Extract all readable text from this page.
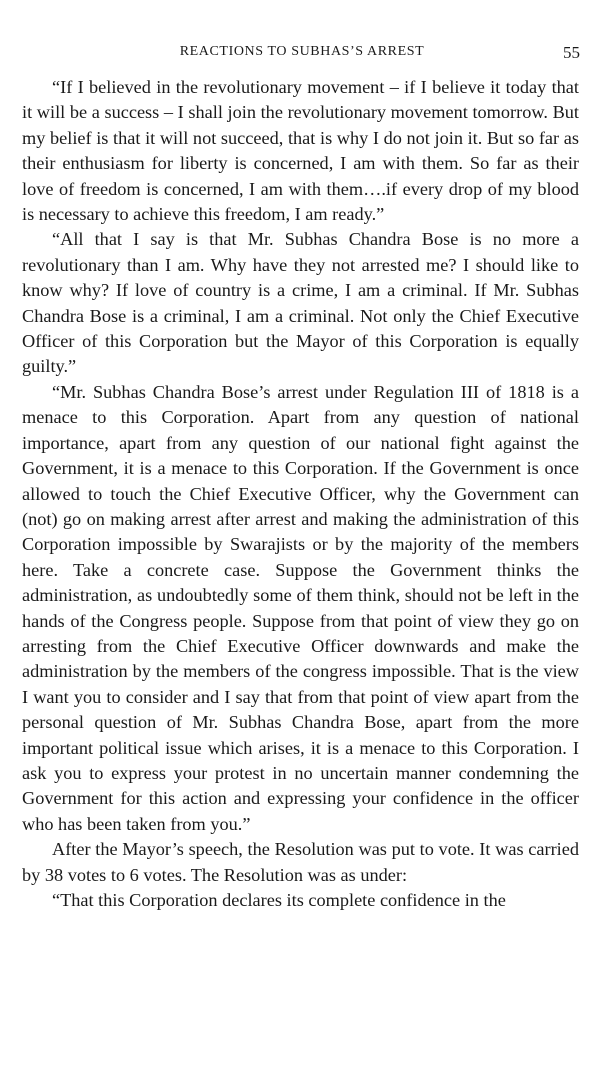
REACTIONS TO SUBHAS’S ARREST	55

“If I believed in the revolutionary movement – if I believe it today that it will be a success – I shall join the revolutionary movement tomorrow. But my belief is that it will not succeed, that is why I do not join it. But so far as their enthusiasm for liberty is concerned, I am with them. So far as their love of freedom is concerned, I am with them….if every drop of my blood is necessary to achieve this freedom, I am ready.”

“All that I say is that Mr. Subhas Chandra Bose is no more a revolutionary than I am. Why have they not arrested me? I should like to know why? If love of country is a crime, I am a criminal. If Mr. Subhas Chandra Bose is a criminal, I am a criminal. Not only the Chief Executive Officer of this Corporation but the Mayor of this Corporation is equally guilty.”

“Mr. Subhas Chandra Bose’s arrest under Regulation III of 1818 is a menace to this Corporation. Apart from any question of national importance, apart from any question of our national fight against the Government, it is a menace to this Corporation. If the Government is once allowed to touch the Chief Executive Officer, why the Government can (not) go on making arrest after arrest and making the administration of this Corporation impossible by Swarajists or by the majority of the members here. Take a concrete case. Suppose the Government thinks the administration, as undoubtedly some of them think, should not be left in the hands of the Congress people. Suppose from that point of view they go on arresting from the Chief Executive Officer downwards and make the administration by the members of the congress impossible. That is the view I want you to consider and I say that from that point of view apart from the personal question of Mr. Subhas Chandra Bose, apart from the more important political issue which arises, it is a menace to this Corporation. I ask you to express your protest in no uncertain manner condemning the Government for this action and expressing your confidence in the officer who has been taken from you.”

After the Mayor’s speech, the Resolution was put to vote. It was carried by 38 votes to 6 votes. The Resolution was as under:

“That this Corporation declares its complete confidence in the
